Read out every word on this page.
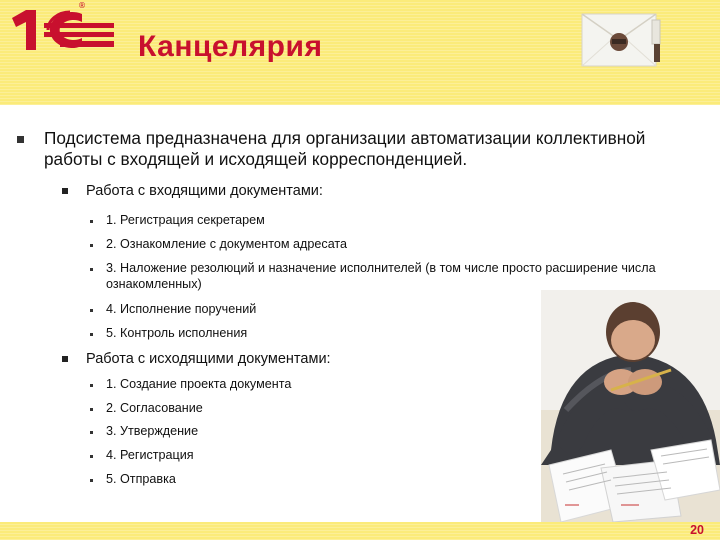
®
Канцелярия
Подсистема предназначена для организации автоматизации коллективной работы с входящей и исходящей корреспонденцией.
Работа с входящими документами:
1. Регистрация секретарем
2. Ознакомление с документом адресата
3. Наложение резолюций и назначение исполнителей (в том числе просто расширение числа ознакомленных)
4. Исполнение поручений
5. Контроль исполнения
Работа с исходящими документами:
1. Создание проекта документа
2. Согласование
3. Утверждение
4. Регистрация
5. Отправка
20
